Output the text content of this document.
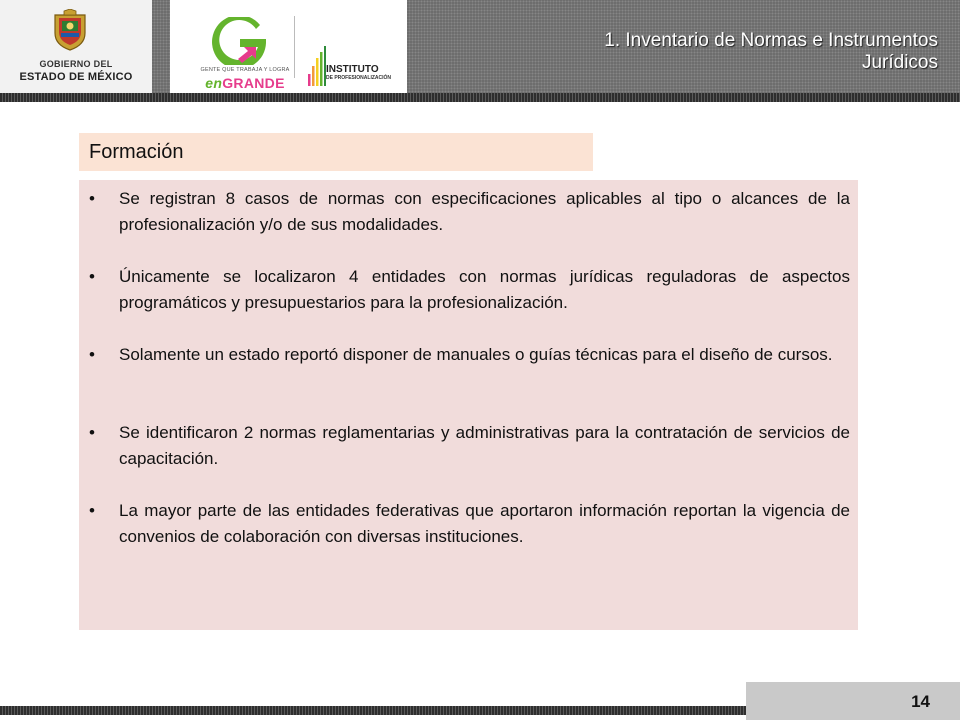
GOBIERNO DEL
ESTADO DE MÉXICO
GENTE QUE TRABAJA Y LOGRA
enGRANDE
INSTITUTO
DE PROFESIONALIZACIÓN
1. Inventario de Normas e Instrumentos
Jurídicos
Formación
• Se registran 8 casos de normas con especificaciones aplicables al tipo o alcances de la profesionalización y/o de sus modalidades.
• Únicamente se localizaron 4 entidades con normas jurídicas reguladoras de aspectos programáticos y presupuestarios para la profesionalización.
• Solamente un estado reportó disponer de manuales o guías técnicas para el diseño de cursos.
• Se identificaron 2 normas reglamentarias y administrativas para la contratación de servicios de capacitación.
• La mayor parte de las entidades federativas que aportaron información reportan la vigencia de convenios de colaboración con diversas instituciones.
14
